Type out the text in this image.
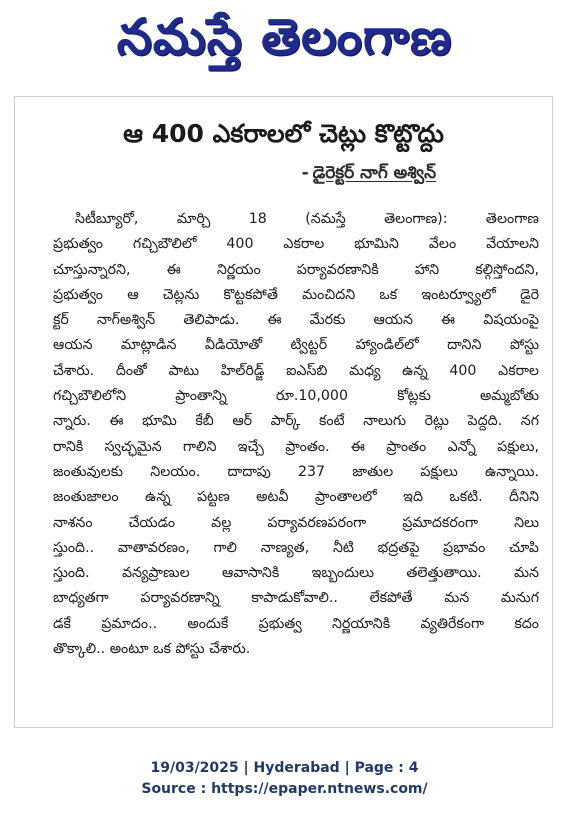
నమస్తే తెలంగాణ
ఆ 400 ఎకరాలలో చెట్లు కొట్టొద్దు
- డైరెక్టర్ నాగ్ అశ్విన్
సిటీబ్యూరో, మార్చి 18 (నమస్తే తెలంగాణ): తెలంగాణ
ప్రభుత్వం గచ్చిబౌలిలో 400 ఎకరాల భూమిని వేలం వేయాలని
చూస్తున్నారని, ఈ నిర్ణయం పర్యావరణానికి హాని కల్గిస్తోందని,
ప్రభుత్వం ఆ చెట్లను కొట్టకపోతే మంచిదని ఒక ఇంటర్వ్యూలో డైరె
క్టర్ నాగ్అశ్విన్ తెలిపాడు. ఈ మేరకు ఆయన ఈ విషయంపై
ఆయన మాట్లాడిన వీడియోతో ట్విట్టర్ హ్యాండిల్‌లో దానిని పోస్టు
చేశారు. దీంతో పాటు హిల్‌రిడ్జ్ ఐఎస్‌బి మధ్య ఉన్న 400 ఎకరాల
గచ్చిబౌలిలోని ప్రాంతాన్ని రూ.10,000 కోట్లకు అమ్మబోతు
న్నారు. ఈ భూమి కేబీ ఆర్ పార్క్ కంటే నాలుగు రెట్లు పెద్దది. నగ
రానికి స్వచ్ఛమైన గాలిని ఇచ్చే ప్రాంతం. ఈ ప్రాంతం ఎన్నో పక్షులు,
జంతువులకు నిలయం. దాదాపు 237 జాతుల పక్షులు ఉన్నాయి.
జంతుజాలం ఉన్న పట్టణ అటవీ ప్రాంతాలలో ఇది ఒకటి. దీనిని
నాశనం చేయడం వల్ల పర్యావరణపరంగా ప్రమాదకరంగా నిలు
స్తుంది.. వాతావరణం, గాలి నాణ్యత, నీటి భద్రతపై ప్రభావం చూపి
స్తుంది. వన్యప్రాణుల ఆవాసానికి ఇబ్బందులు తలెత్తుతాయి. మన
బాధ్యతగా పర్యావరణాన్ని కాపాడుకోవాలి.. లేకపోతే మన మనుగ
డకే ప్రమాదం.. అందుకే ప్రభుత్వ నిర్ణయానికి వ్యతిరేకంగా కదం
తొక్కాలి.. అంటూ ఒక పోస్టు చేశారు.
19/03/2025 | Hyderabad | Page : 4
Source : https://epaper.ntnews.com/
